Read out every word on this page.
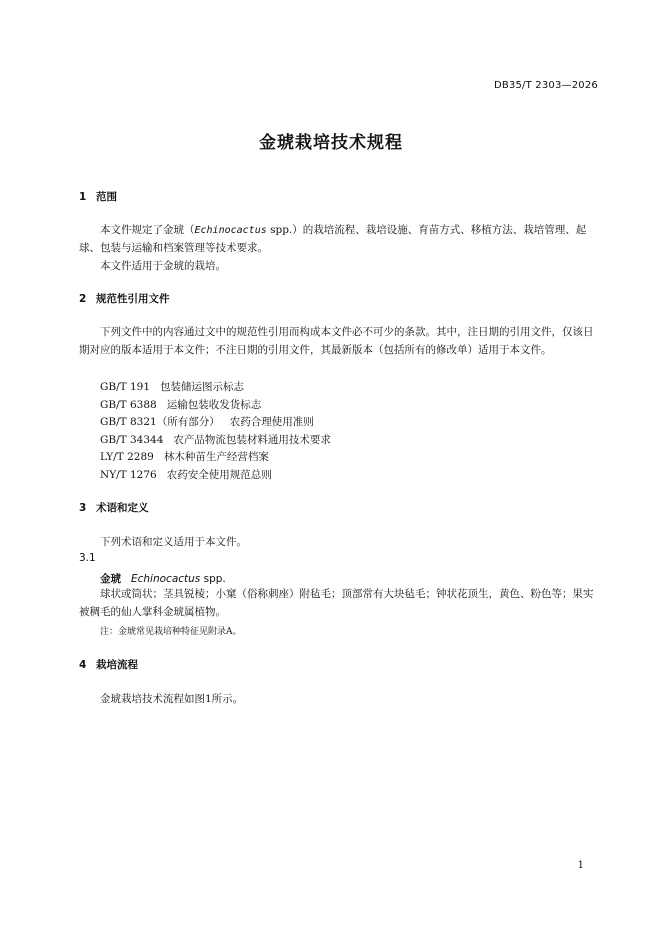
DB35/T 2303—2026
金琥栽培技术规程
1 范围
本文件规定了金琥（Echinocactus spp.）的栽培流程、栽培设施、育苗方式、移植方法、栽培管理、起球、包装与运输和档案管理等技术要求。
本文件适用于金琥的栽培。
2 规范性引用文件
下列文件中的内容通过文中的规范性引用而构成本文件必不可少的条款。其中，注日期的引用文件，仅该日期对应的版本适用于本文件；不注日期的引用文件，其最新版本（包括所有的修改单）适用于本文件。
GB/T 191 包装储运图示标志
GB/T 6388 运输包装收发货标志
GB/T 8321（所有部分） 农药合理使用准则
GB/T 34344 农产品物流包装材料通用技术要求
LY/T 2289 林木种苗生产经营档案
NY/T 1276 农药安全使用规范总则
3 术语和定义
下列术语和定义适用于本文件。
3.1
金琥 Echinocactus spp.
球状或筒状；茎具锐棱；小窠（俗称刺座）附毡毛；顶部常有大块毡毛；钟状花顶生，黄色、粉色等；果实被稠毛的仙人掌科金琥属植物。
注：金琥常见栽培种特征见附录A。
4 栽培流程
金琥栽培技术流程如图1所示。
1
